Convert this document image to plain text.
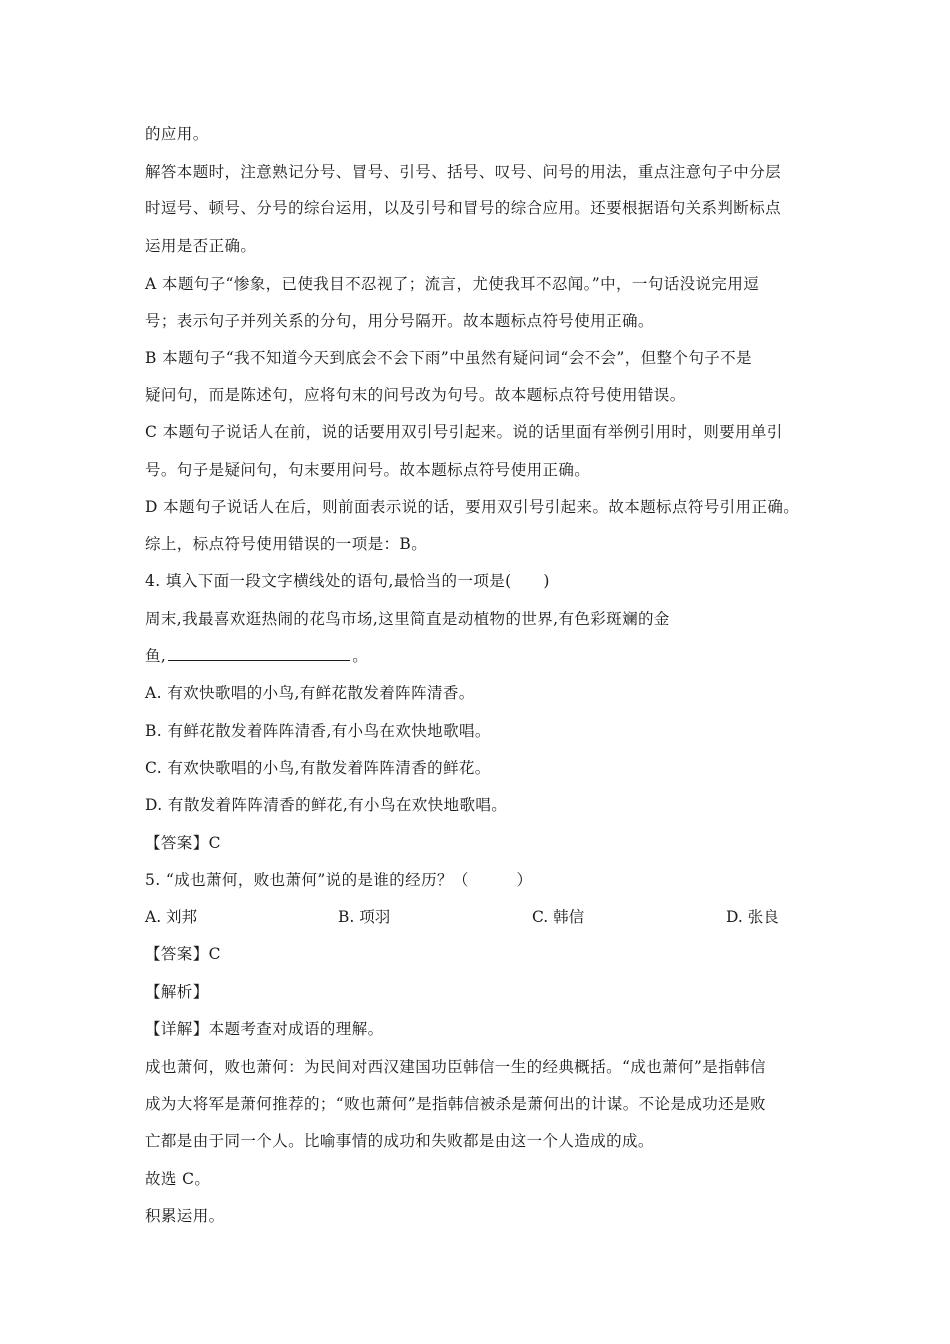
的应用。
解答本题时，注意熟记分号、冒号、引号、括号、叹号、问号的用法，重点注意句子中分层
时逗号、顿号、分号的综台运用，以及引号和冒号的综合应用。还要根据语句关系判断标点
运用是否正确。
A 本题句子“惨象，已使我目不忍视了；流言，尤使我耳不忍闻。”中，一句话没说完用逗
号；表示句子并列关系的分句，用分号隔开。故本题标点符号使用正确。
B 本题句子“我不知道今天到底会不会下雨”中虽然有疑问词“会不会”，但整个句子不是
疑问句，而是陈述句，应将句末的问号改为句号。故本题标点符号使用错误。
C 本题句子说话人在前，说的话要用双引号引起来。说的话里面有举例引用时，则要用单引
号。句子是疑问句，句末要用问号。故本题标点符号使用正确。
D 本题句子说话人在后，则前面表示说的话，要用双引号引起来。故本题标点符号引用正确。
综上，标点符号使用错误的一项是：B。
4. 填入下面一段文字横线处的语句,最恰当的一项是(　　)
周末,我最喜欢逛热闹的花鸟市场,这里简直是动植物的世界,有色彩斑斓的金
鱼,	。
A. 有欢快歌唱的小鸟,有鲜花散发着阵阵清香。
B. 有鲜花散发着阵阵清香,有小鸟在欢快地歌唱。
C. 有欢快歌唱的小鸟,有散发着阵阵清香的鲜花。
D. 有散发着阵阵清香的鲜花,有小鸟在欢快地歌唱。
【答案】C
5. “成也萧何，败也萧何”说的是谁的经历？（　　　）
A. 刘邦	B. 项羽	C. 韩信	D. 张良
【答案】C
【解析】
【详解】本题考查对成语的理解。
成也萧何，败也萧何：为民间对西汉建国功臣韩信一生的经典概括。“成也萧何”是指韩信
成为大将军是萧何推荐的；“败也萧何”是指韩信被杀是萧何出的计谋。不论是成功还是败
亡都是由于同一个人。比喻事情的成功和失败都是由这一个人造成的成。
故选 C。
积累运用。
